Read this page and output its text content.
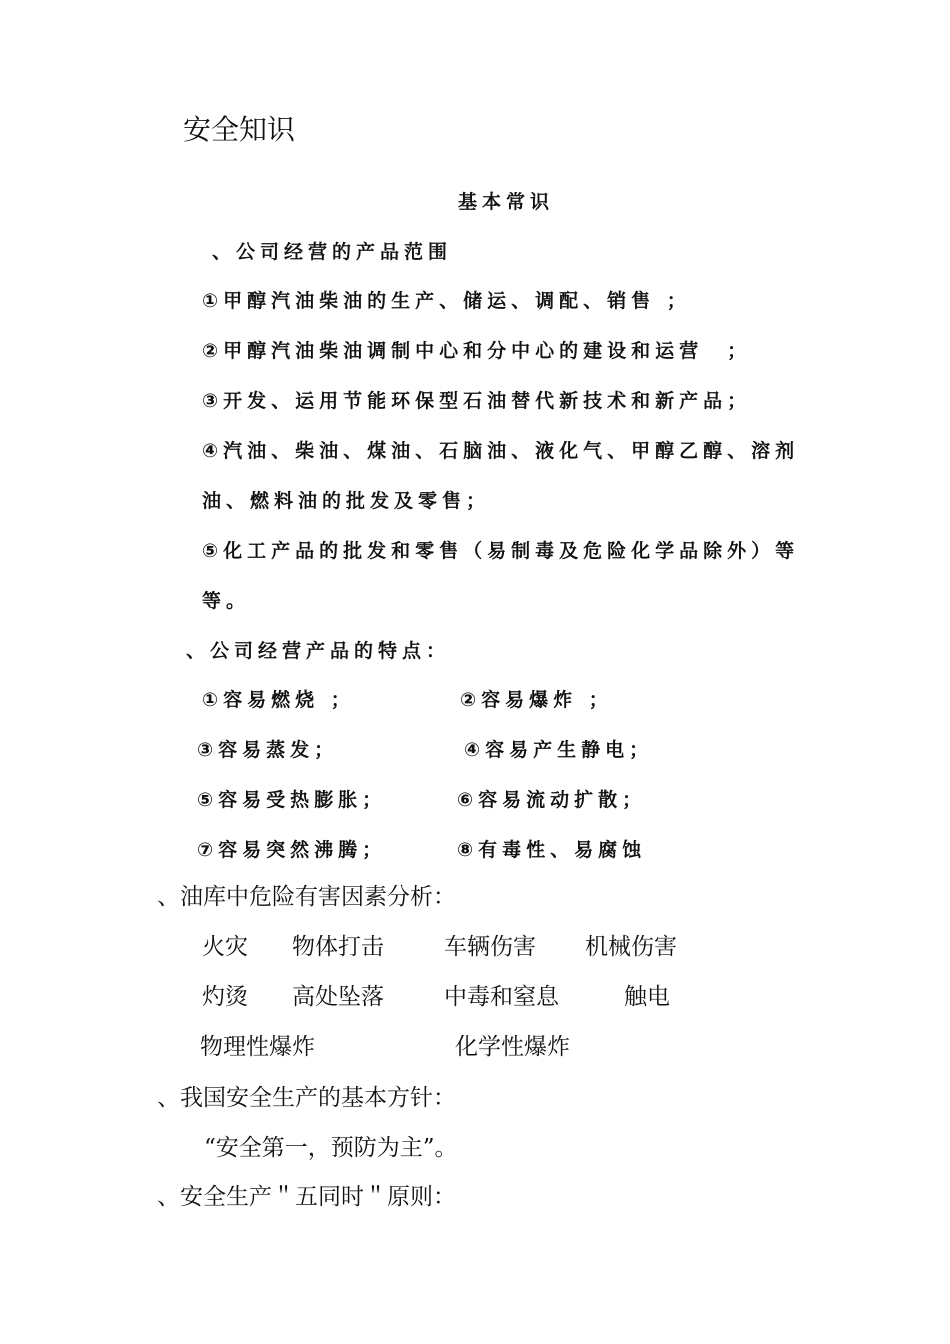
安全知识
基本常识
、公司经营的产品范围
①甲醇汽油柴油的生产、储运、调配、销售 ；
②甲醇汽油柴油调制中心和分中心的建设和运营　；
③开发、运用节能环保型石油替代新技术和新产品；
④汽油、柴油、煤油、石脑油、液化气、甲醇乙醇、溶剂
油、燃料油的批发及零售；
⑤化工产品的批发和零售（易制毒及危险化学品除外）等
等。
、公司经营产品的特点：
①容易燃烧 ；	②容易爆炸 ；
③容易蒸发；	④容易产生静电；
⑤容易受热膨胀；	⑥容易流动扩散；
⑦容易突然沸腾；	⑧有毒性、易腐蚀
、油库中危险有害因素分析：
火灾 物体打击	车辆伤害 机械伤害
灼烫 高处坠落	中毒和窒息	触电
物理性爆炸	化学性爆炸
、我国安全生产的基本方针：
“安全第一，预防为主”。
、安全生产＂五同时＂原则：
